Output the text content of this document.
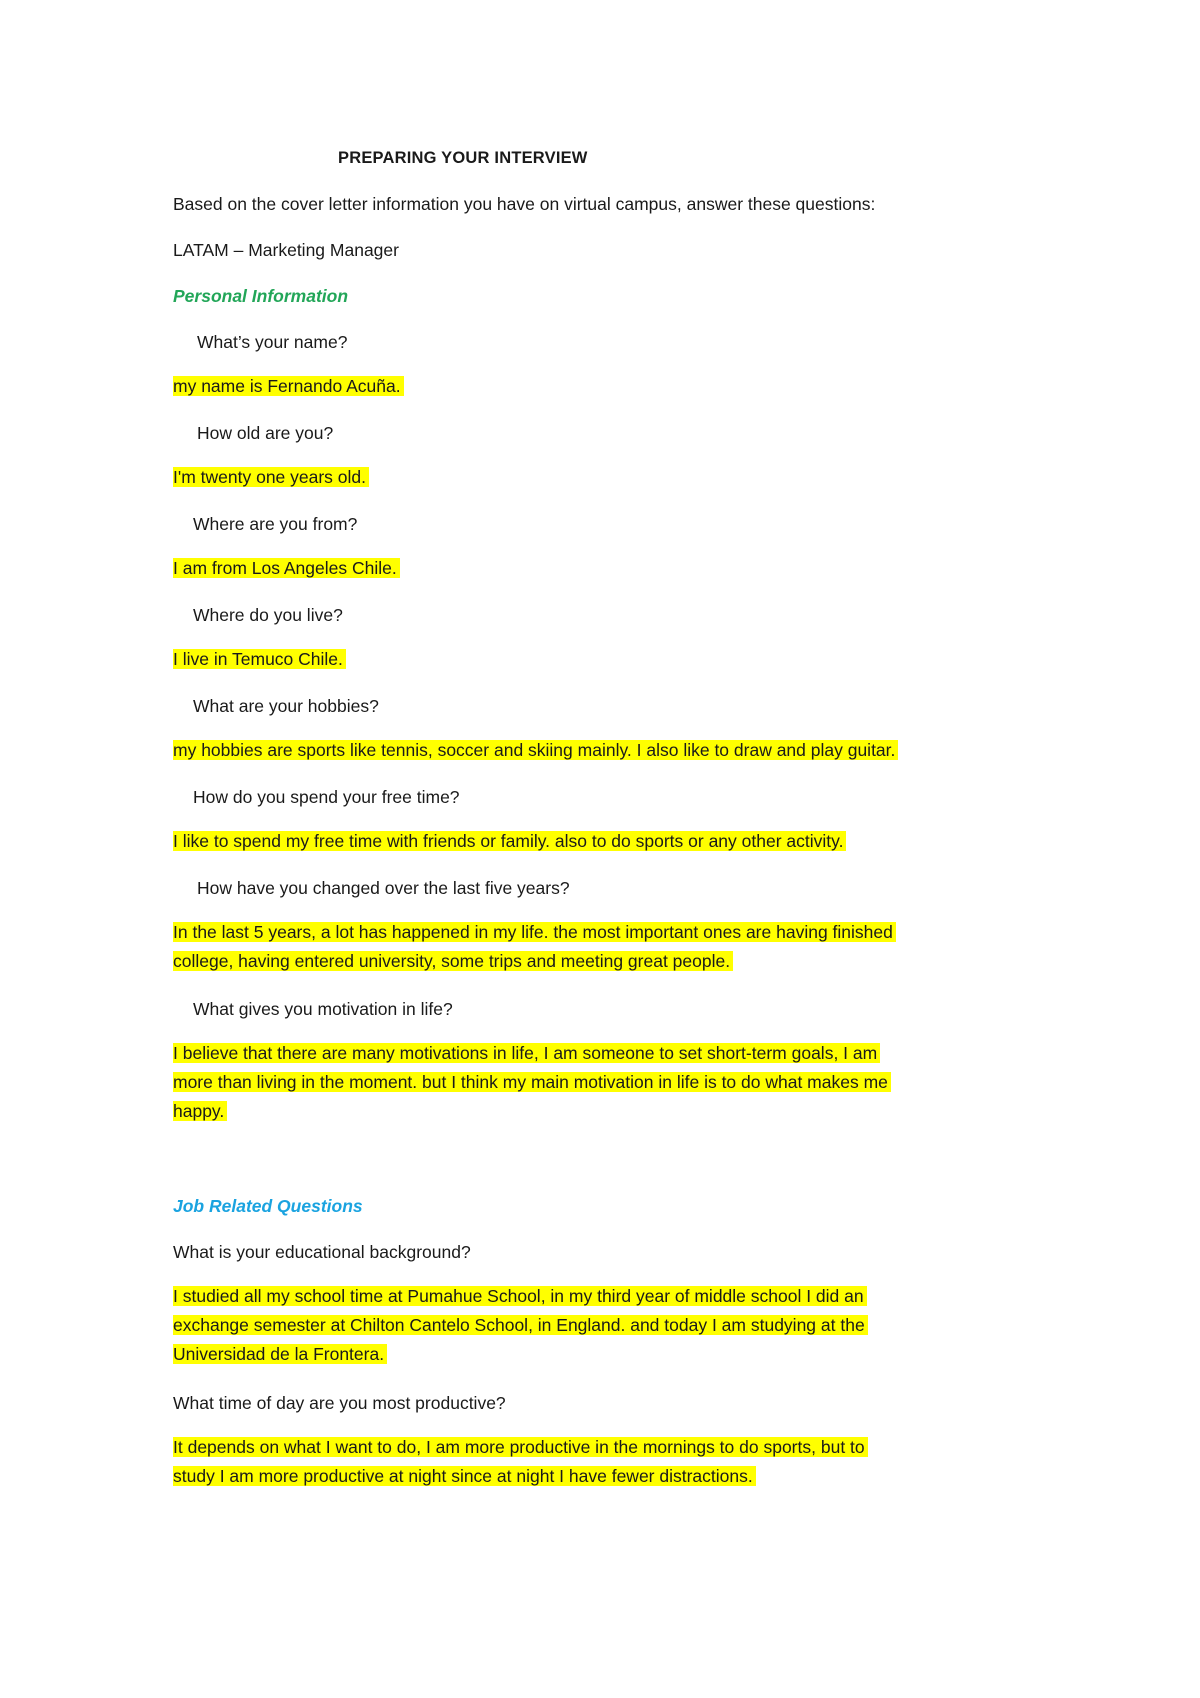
PREPARING YOUR INTERVIEW
Based on the cover letter information you have on virtual campus, answer these questions:
LATAM – Marketing Manager
Personal Information
What’s your name?
my name is Fernando Acuña.
How old are you?
I'm twenty one years old.
Where are you from?
I am from Los Angeles Chile.
Where do you live?
I live in Temuco Chile.
What are your hobbies?
my hobbies are sports like tennis, soccer and skiing mainly. I also like to draw and play guitar.
How do you spend your free time?
I like to spend my free time with friends or family. also to do sports or any other activity.
How have you changed over the last five years?
In the last 5 years, a lot has happened in my life. the most important ones are having finished
college, having entered university, some trips and meeting great people.
What gives you motivation in life?
I believe that there are many motivations in life, I am someone to set short-term goals, I am
more than living in the moment. but I think my main motivation in life is to do what makes me
happy.
Job Related Questions
What is your educational background?
I studied all my school time at Pumahue School, in my third year of middle school I did an
exchange semester at Chilton Cantelo School, in England. and today I am studying at the
Universidad de la Frontera.
What time of day are you most productive?
It depends on what I want to do, I am more productive in the mornings to do sports, but to
study I am more productive at night since at night I have fewer distractions.
